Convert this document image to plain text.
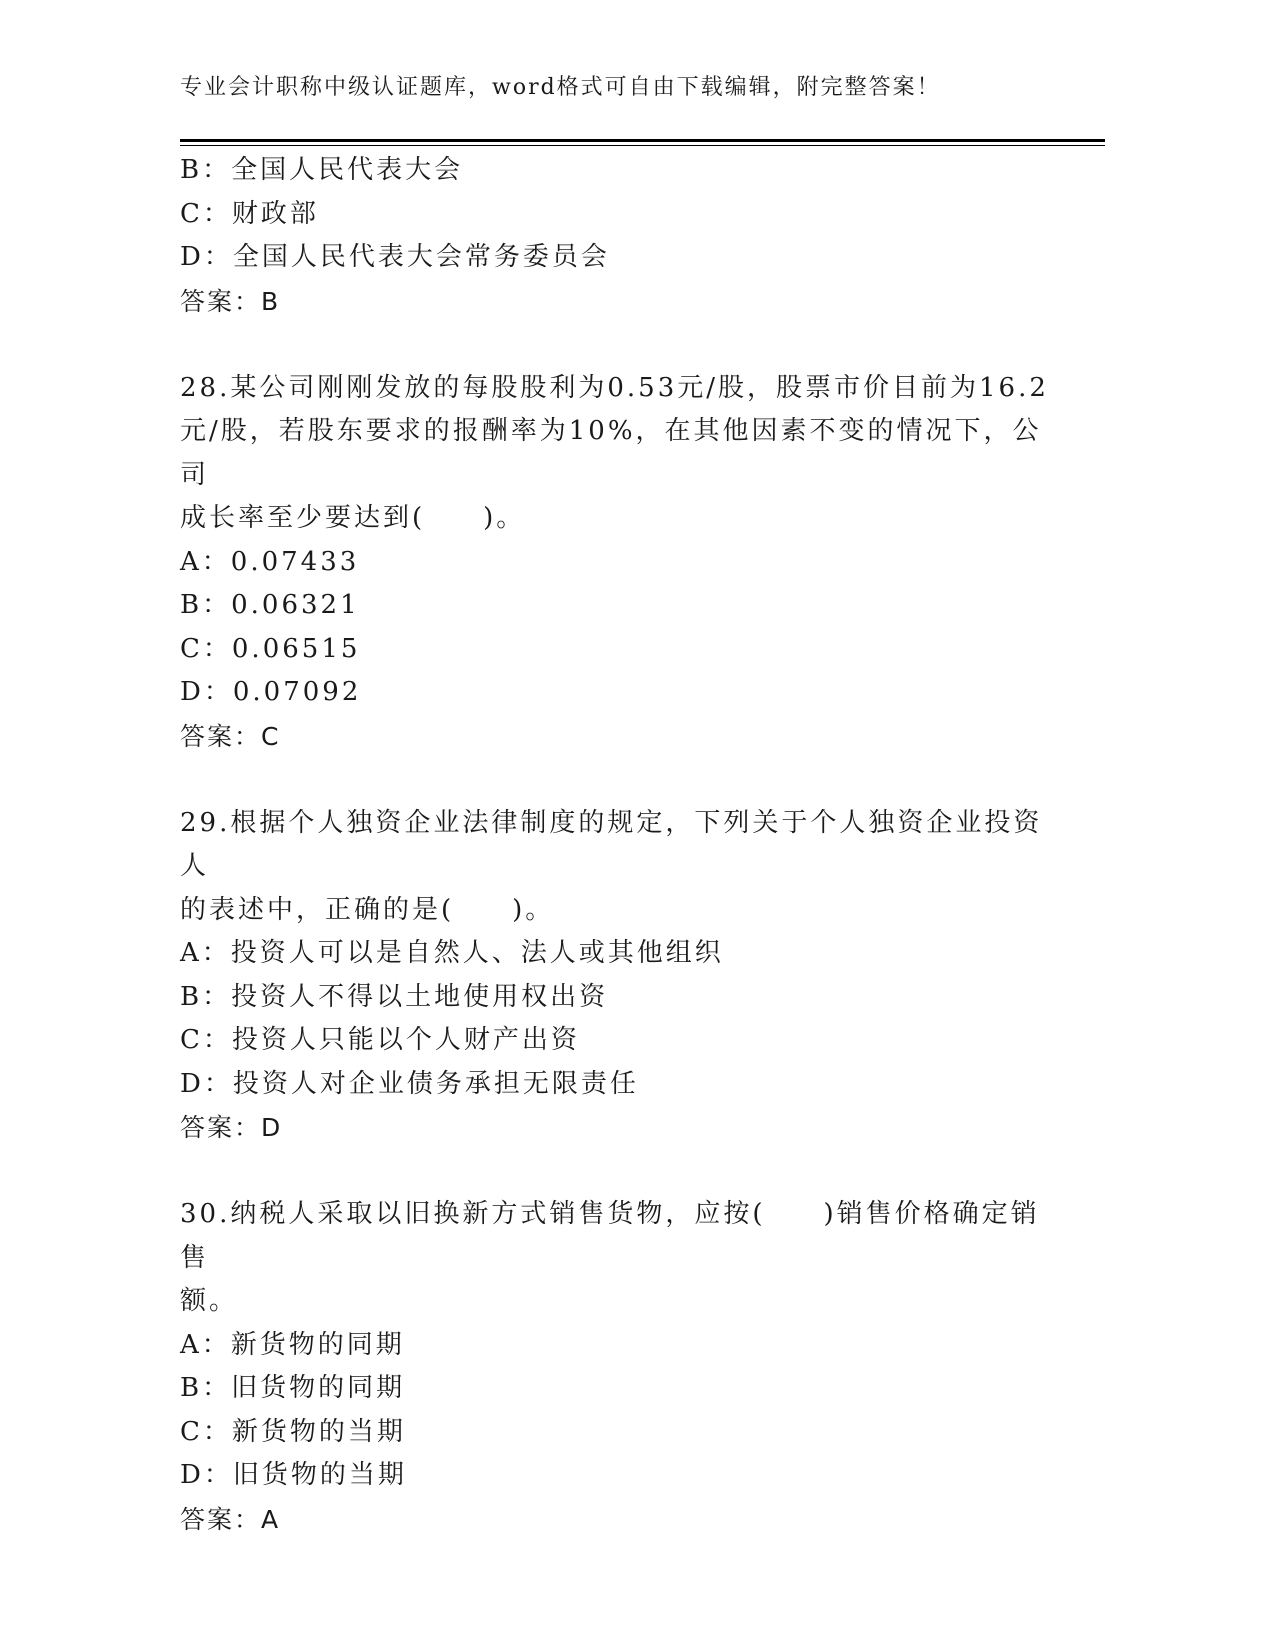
专业会计职称中级认证题库，word格式可自由下载编辑，附完整答案！
B：全国人民代表大会
C：财政部
D：全国人民代表大会常务委员会
答案：B
28.某公司刚刚发放的每股股利为0.53元/股，股票市价目前为16.2
元/股，若股东要求的报酬率为10%，在其他因素不变的情况下，公司
成长率至少要达到(　　)。
A：0.07433
B：0.06321
C：0.06515
D：0.07092
答案：C
29.根据个人独资企业法律制度的规定，下列关于个人独资企业投资人
的表述中，正确的是(　　)。
A：投资人可以是自然人、法人或其他组织
B：投资人不得以土地使用权出资
C：投资人只能以个人财产出资
D：投资人对企业债务承担无限责任
答案：D
30.纳税人采取以旧换新方式销售货物，应按(　　)销售价格确定销售
额。
A：新货物的同期
B：旧货物的同期
C：新货物的当期
D：旧货物的当期
答案：A
